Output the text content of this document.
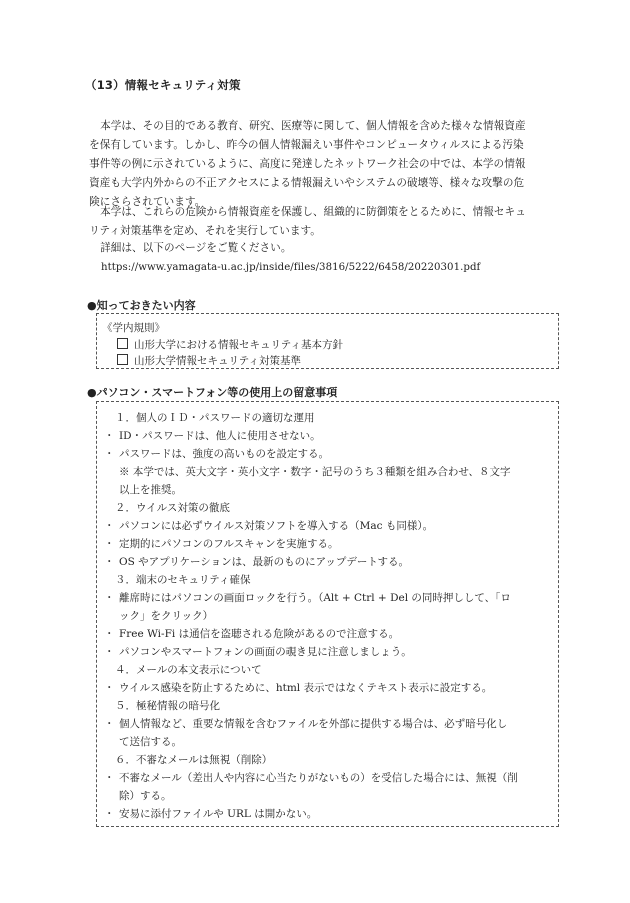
（13）情報セキュリティ対策
本学は、その目的である教育、研究、医療等に関して、個人情報を含めた様々な情報資産
を保有しています。しかし、昨今の個人情報漏えい事件やコンピュータウィルスによる汚染
事件等の例に示されているように、高度に発達したネットワーク社会の中では、本学の情報
資産も大学内外からの不正アクセスによる情報漏えいやシステムの破壊等、様々な攻撃の危
険にさらされています。
本学は、これらの危険から情報資産を保護し、組織的に防御策をとるために、情報セキュ
リティ対策基準を定め、それを実行しています。
詳細は、以下のページをご覧ください。
https://www.yamagata-u.ac.jp/inside/files/3816/5222/6458/20220301.pdf
●知っておきたい内容
《学内規則》
山形大学における情報セキュリティ基本方針
山形大学情報セキュリティ対策基準
●パソコン・スマートフォン等の使用上の留意事項
１．個人のＩＤ・パスワードの適切な運用
・ ID・パスワードは、他人に使用させない。
・ パスワードは、強度の高いものを設定する。
※ 本学では、英大文字・英小文字・数字・記号のうち３種類を組み合わせ、８文字
以上を推奨。
２．ウイルス対策の徹底
・ パソコンには必ずウイルス対策ソフトを導入する（Mac も同様）。
・ 定期的にパソコンのフルスキャンを実施する。
・ OS やアプリケーションは、最新のものにアップデートする。
３．端末のセキュリティ確保
・ 離席時にはパソコンの画面ロックを行う。（Alt + Ctrl + Del の同時押しして、「ロ
ック」をクリック）
・ Free Wi-Fi は通信を盗聴される危険があるので注意する。
・ パソコンやスマートフォンの画面の覗き見に注意しましょう。
４．メールの本文表示について
・ ウイルス感染を防止するために、html 表示ではなくテキスト表示に設定する。
５．極秘情報の暗号化
・ 個人情報など、重要な情報を含むファイルを外部に提供する場合は、必ず暗号化し
て送信する。
６．不審なメールは無視（削除）
・ 不審なメール（差出人や内容に心当たりがないもの）を受信した場合には、無視（削
除）する。
・ 安易に添付ファイルや URL は開かない。
